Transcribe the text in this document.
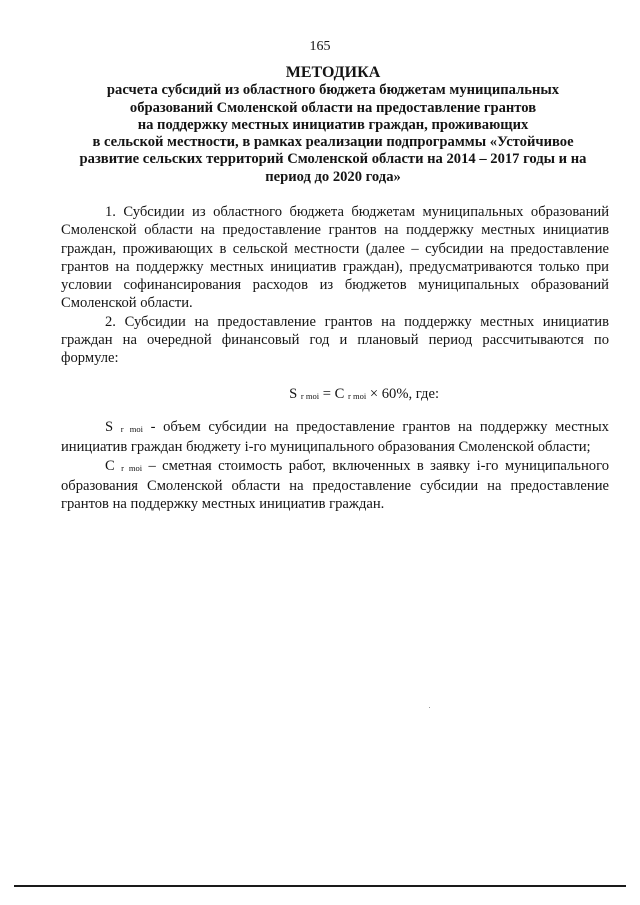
165
МЕТОДИКА
расчета субсидий из областного бюджета бюджетам муниципальных
образований Смоленской области на предоставление грантов
на поддержку местных инициатив граждан, проживающих
в сельской местности, в рамках реализации подпрограммы «Устойчивое
развитие сельских территорий Смоленской области на 2014 – 2017 годы и на
период до 2020 года»

1. Субсидии из областного бюджета бюджетам муниципальных образований Смоленской области на предоставление грантов на поддержку местных инициатив граждан, проживающих в сельской местности (далее – субсидии на предоставление грантов на поддержку местных инициатив граждан), предусматриваются только при условии софинансирования расходов из бюджетов муниципальных образований Смоленской области.

2. Субсидии на предоставление грантов на поддержку местных инициатив граждан на очередной финансовый год и плановый период рассчитываются по формуле:

S r moi = C r moi × 60%, где:

S r moi - объем субсидии на предоставление грантов на поддержку местных инициатив граждан бюджету i-го муниципального образования Смоленской области;

C r moi – сметная стоимость работ, включенных в заявку i-го муниципального образования Смоленской области на предоставление субсидии на предоставление грантов на поддержку местных инициатив граждан.
